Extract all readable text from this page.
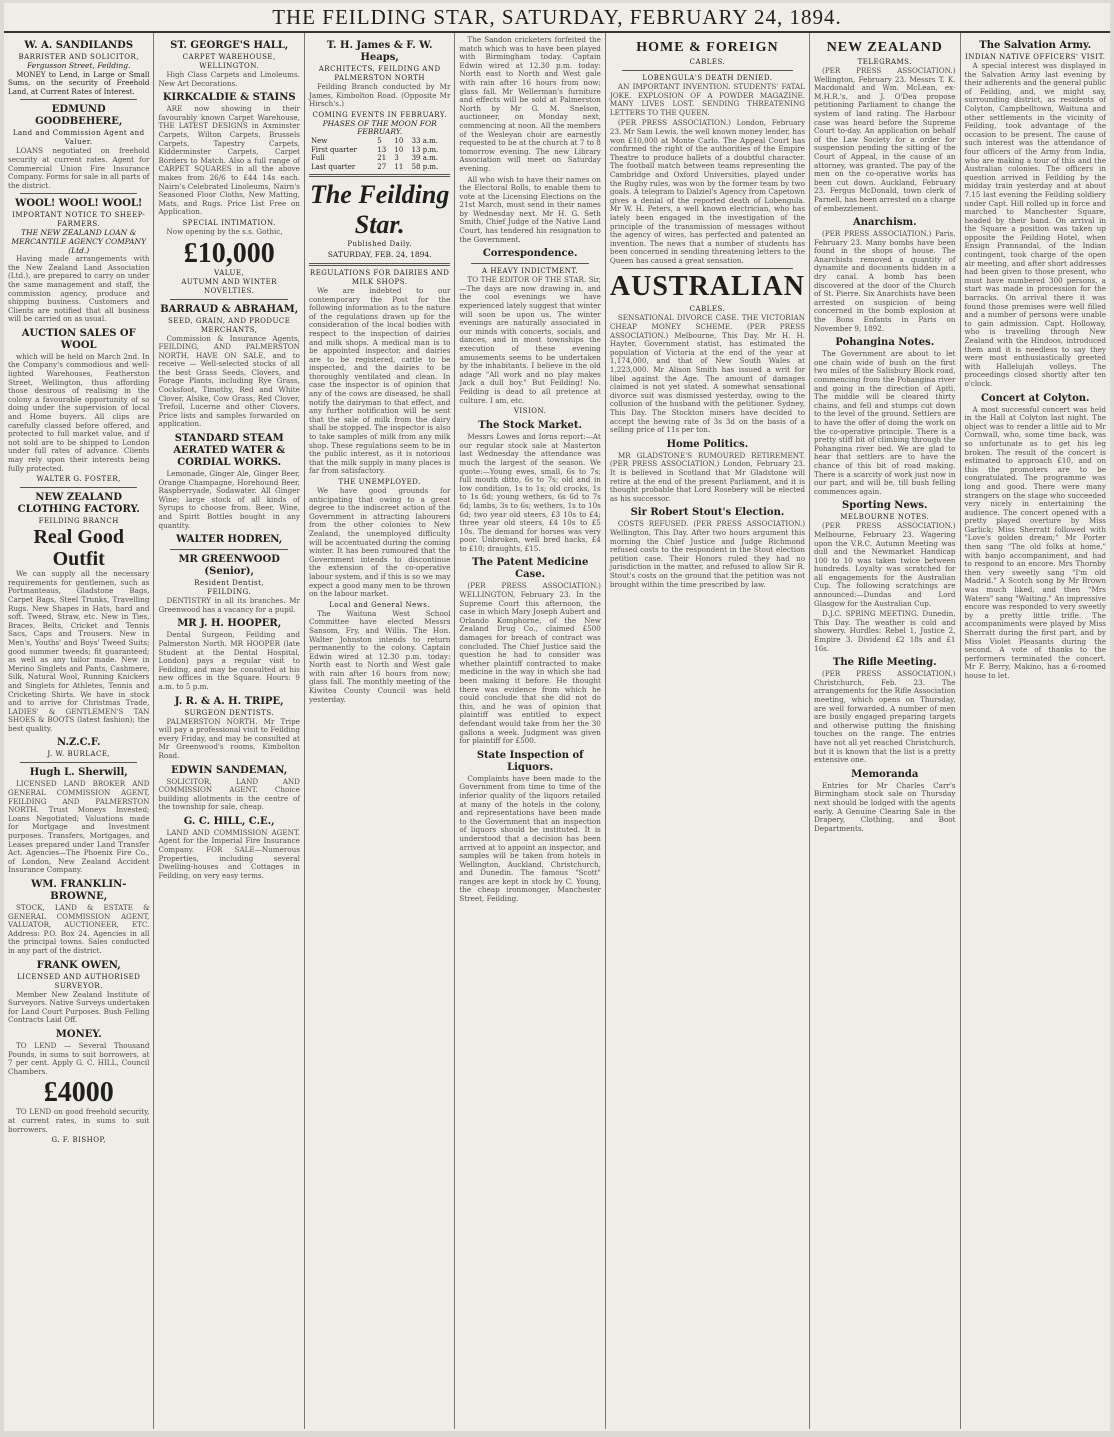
THE FEILDING STAR, SATURDAY, FEBRUARY 24, 1894.
W. A. SANDILANDS
BARRISTER AND SOLICITOR,
Fergusson Street, Feilding.

MONEY to Lend, in Large or Small Sums, on the security of Freehold Land, at Current Rates of Interest.

EDMUND GOODBEHERE,
Land and Commission Agent and Valuer.

LOANS negotiated on freehold security at current rates. Agent for Commercial Union Fire Insurance Company. Forms for sale in all parts of the district.

WOOL! WOOL! WOOL!
IMPORTANT NOTICE TO SHEEP-FARMERS.
THE NEW ZEALAND LOAN & MERCANTILE AGENCY COMPANY (Ltd.)

Having made arrangements with the New Zealand Land Association (Ltd.), are prepared to carry on under the same management and staff, the commission agency, produce and shipping business. Customers and Clients are notified that all business will be carried on as usual.

AUCTION SALES OF WOOL

which will be held on March 2nd. In the Company's commodious and well-lighted Warehouses, Featherston Street, Wellington, thus affording those desirous of realising in the colony a favourable opportunity of so doing under the supervision of local and Home buyers. All clips are carefully classed before offered, and protected to full market value, and if not sold are to be shipped to London under full rates of advance. Clients may rely upon their interests being fully protected.

WALTER G. FOSTER,
NEW ZEALAND CLOTHING FACTORY.
FEILDING BRANCH
Real Good Outfit

We can supply all the necessary requirements for gentlemen, such as Portmanteaus, Gladstone Bags, Carpet Bags, Steel Trunks, Travelling Rugs. New Shapes in Hats, hard and soft. Tweed, Straw, etc. New in Ties, Braces, Belts, Cricket and Tennis Sacs, Caps and Trousers. New in Men's, Youths' and Boys' Tweed Suits; good summer tweeds; fit guaranteed; as well as any tailor made. New in Merino Singlets and Pants, Cashmere, Silk, Natural Wool, Running Knickers and Singlets for Athletes, Tennis and Cricketing Shirts. We have in stock and to arrive for Christmas Trade, LADIES' & GENTLEMEN'S TAN SHOES & BOOTS (latest fashion); the best quality.

N.Z.C.F.
J. W. BURLACE,
Hugh L. Sherwill,

LICENSED LAND BROKER AND GENERAL COMMISSION AGENT, FEILDING AND PALMERSTON NORTH. Trust Moneys Invested; Loans Negotiated; Valuations made for Mortgage and Investment purposes. Transfers, Mortgages, and Leases prepared under Land Transfer Act. Agencies—The Phoenix Fire Co., of London, New Zealand Accident Insurance Company.

WM. FRANKLIN-BROWNE,

STOCK, LAND & ESTATE & GENERAL COMMISSION AGENT, VALUATOR, AUCTIONEER, ETC. Address: P.O. Box 24. Agencies in all the principal towns. Sales conducted in any part of the district.

FRANK OWEN,
LICENSED AND AUTHORISED SURVEYOR.

Member New Zealand Institute of Surveyors. Native Surveys undertaken for Land Court Purposes. Bush Felling Contracts Laid Off.

MONEY.

TO LEND — Several Thousand Pounds, in sums to suit borrowers, at 7 per cent. Apply G. C. HILL, Council Chambers.

£4000

TO LEND on good freehold security, at current rates, in sums to suit borrowers.

G. F. BISHOP,
ST. GEORGE'S HALL,
CARPET WAREHOUSE, WELLINGTON.

High Class Carpets and Linoleums. New Art Decorations.

KIRKCALDIE & STAINS

ARE now showing in their favourably known Carpet Warehouse, THE LATEST DESIGNS in Axminster Carpets, Wilton Carpets, Brussels Carpets, Tapestry Carpets, Kidderminster Carpets, Carpet Borders to Match. Also a full range of CARPET SQUARES in all the above makes from 26/6 to £44 14s each. Nairn's Celebrated Linoleums, Nairn's Seasoned Floor Cloths, New Matting, Mats, and Rugs. Price List Free on Application.

SPECIAL INTIMATION.

Now opening by the s.s. Gothic,

£10,000
VALUE,
AUTUMN AND WINTER NOVELTIES.
BARRAUD & ABRAHAM,
SEED, GRAIN, AND PRODUCE MERCHANTS,

Commission & Insurance Agents, FEILDING, AND PALMERSTON NORTH, HAVE ON SALE, and to receive — Well-selected stocks of all the best Grass Seeds, Clovers, and Forage Plants, including Rye Grass, Cocksfoot, Timothy, Red and White Clover, Alsike, Cow Grass, Red Clover, Trefoil, Lucerne and other Clovers. Price lists and samples forwarded on application.

STANDARD STEAM AERATED WATER & CORDIAL WORKS.

Lemonade, Ginger Ale, Ginger Beer, Orange Champagne, Horehound Beer, Raspberryade, Sodawater. All Ginger Wine; large stock of all kinds of Syrups to choose from. Beer, Wine, and Spirit Bottles bought in any quantity.

WALTER HODREN,
MR GREENWOOD (Senior),
Resident Dentist,
FEILDING.

DENTISTRY in all its branches. Mr Greenwood has a vacancy for a pupil.

MR J. H. HOOPER,

Dental Surgeon, Feilding and Palmerston North. MR HOOPER (late Student at the Dental Hospital, London) pays a regular visit to Feilding, and may be consulted at his new offices in the Square. Hours: 9 a.m. to 5 p.m.

J. R. & A. H. TRIPE,
SURGEON DENTISTS.

PALMERSTON NORTH. Mr Tripe will pay a professional visit to Feilding every Friday, and may be consulted at Mr Greenwood's rooms, Kimbolton Road.

EDWIN SANDEMAN,

SOLICITOR, LAND AND COMMISSION AGENT. Choice building allotments in the centre of the township for sale, cheap.

G. C. HILL, C.E.,

LAND AND COMMISSION AGENT. Agent for the Imperial Fire Insurance Company. FOR SALE—Numerous Properties, including several Dwelling-houses and Cottages in Feilding, on very easy terms.

T. H. James & F. W. Heaps,
ARCHITECTS, FEILDING AND PALMERSTON NORTH

Feilding Branch conducted by Mr James, Kimbolton Road. (Opposite Mr Hirsch's.)

COMING EVENTS IN FEBRUARY.
PHASES OF THE MOON FOR FEBRUARY.
New	5	10	33 a.m.
First quarter	13	10	13 p.m.
Full	21	3	39 a.m.
Last quarter	27	11	58 p.m.
The Feilding Star.
Published Daily.
SATURDAY, FEB. 24, 1894.
REGULATIONS FOR DAIRIES AND MILK SHOPS.

We are indebted to our contemporary the Post for the following information as to the nature of the regulations drawn up for the consideration of the local bodies with respect to the inspection of dairies and milk shops. A medical man is to be appointed inspector, and dairies are to be registered, cattle to be inspected, and the dairies to be thoroughly ventilated and clean. In case the inspector is of opinion that any of the cows are diseased, he shall notify the dairyman to that effect, and any further notification will be sent that the sale of milk from the dairy shall be stopped. The inspector is also to take samples of milk from any milk shop. These regulations seem to be in the public interest, as it is notorious that the milk supply in many places is far from satisfactory.

THE UNEMPLOYED.

We have good grounds for anticipating that owing to a great degree to the indiscreet action of the Government in attracting labourers from the other colonies to New Zealand, the unemployed difficulty will be accentuated during the coming winter. It has been rumoured that the Government intends to discontinue the extension of the co-operative labour system, and if this is so we may expect a good many men to be thrown on the labour market.

Local and General News.

The Waituna West School Committee have elected Messrs Sansom, Fry, and Willis. The Hon. Walter Johnston intends to return permanently to the colony. Captain Edwin wired at 12.30 p.m. today: North east to North and West gale with rain after 16 hours from now; glass fall. The monthly meeting of the Kiwitea County Council was held yesterday.

The Sandon cricketers forfeited the match which was to have been played with Birmingham today. Captain Edwin wired at 12.30 p.m. today: North east to North and West gale with rain after 16 hours from now; glass fall. Mr Wellerman's furniture and effects will be sold at Palmerston North by Mr G. M. Snelson, auctioneer, on Monday next, commencing at noon. All the members of the Wesleyan choir are earnestly requested to be at the church at 7 to 8 tomorrow evening. The new Library Association will meet on Saturday evening.

All who wish to have their names on the Electoral Rolls, to enable them to vote at the Licensing Elections on the 21st March, must send in their names by Wednesday next. Mr H. G. Seth Smith, Chief Judge of the Native Land Court, has tendered his resignation to the Government.

Correspondence.
A HEAVY INDICTMENT.

TO THE EDITOR OF THE STAR. Sir,—The days are now drawing in, and the cool evenings we have experienced lately suggest that winter will soon be upon us. The winter evenings are naturally associated in our minds with concerts, socials, and dances, and in most townships the execution of these evening amusements seems to be undertaken by the inhabitants. I believe in the old adage "All work and no play makes Jack a dull boy." But Feilding! No. Feilding is dead to all pretence at culture. I am, etc.

VISION.
The Stock Market.

Messrs Lowes and Iorns report:—At our regular stock sale at Masterton last Wednesday the attendance was much the largest of the season. We quote:—Young ewes, small, 6s to 7s; full mouth ditto, 6s to 7s; old and in low condition, 1s to 1s; old crocks, 1s to 1s 6d; young wethers, 6s 6d to 7s 6d; lambs, 3s to 6s; wethers, 1s to 10s 6d; two year old steers, £3 10s to £4; three year old steers, £4 10s to £5 10s. The demand for horses was very poor. Unbroken, well bred hacks, £4 to £10; draughts, £15.

The Patent Medicine Case.

(PER PRESS ASSOCIATION.) WELLINGTON, February 23. In the Supreme Court this afternoon, the case in which Mary Joseph Aubert and Orlando Komphorne, of the New Zealand Drug Co., claimed £500 damages for breach of contract was concluded. The Chief Justice said the question he had to consider was whether plaintiff contracted to make medicine in the way in which she had been making it before. He thought there was evidence from which he could conclude that she did not do this, and he was of opinion that plaintiff was entitled to expect defendant would take from her the 30 gallons a week. Judgment was given for plaintiff for £500.

State Inspection of Liquors.

Complaints have been made to the Government from time to time of the inferior quality of the liquors retailed at many of the hotels in the colony, and representations have been made to the Government that an inspection of liquors should be instituted. It is understood that a decision has been arrived at to appoint an inspector, and samples will be taken from hotels in Wellington, Auckland, Christchurch, and Dunedin. The famous "Scott" ranges are kept in stock by C. Young, the cheap ironmonger, Manchester Street, Feilding.

HOME & FOREIGN
CABLES.
LOBENGULA'S DEATH DENIED.

AN IMPORTANT INVENTION. STUDENTS' FATAL JOKE. EXPLOSION OF A POWDER MAGAZINE. MANY LIVES LOST. SENDING THREATENING LETTERS TO THE QUEEN.

(PER PRESS ASSOCIATION.) London, February 23. Mr Sam Lewis, the well known money lender, has won £10,000 at Monte Carlo. The Appeal Court has confirmed the right of the authorities of the Empire Theatre to produce ballets of a doubtful character. The football match between teams representing the Cambridge and Oxford Universities, played under the Rugby rules, was won by the former team by two goals. A telegram to Dalziel's Agency from Capetown gives a denial of the reported death of Lobengula. Mr W. H. Peters, a well known electrician, who has lately been engaged in the investigation of the principle of the transmission of messages without the agency of wires, has perfected and patented an invention. The news that a number of students has been concerned in sending threatening letters to the Queen has caused a great sensation.

AUSTRALIAN
CABLES.

SENSATIONAL DIVORCE CASE. THE VICTORIAN CHEAP MONEY SCHEME. (PER PRESS ASSOCIATION.) Melbourne, This Day. Mr H. H. Hayter, Government statist, has estimated the population of Victoria at the end of the year at 1,174,000, and that of New South Wales at 1,223,000. Mr Alison Smith has issued a writ for libel against the Age. The amount of damages claimed is not yet stated. A somewhat sensational divorce suit was dismissed yesterday, owing to the collusion of the husband with the petitioner. Sydney, This Day. The Stockton miners have decided to accept the hewing rate of 3s 3d on the basis of a selling price of 11s per ton.

Home Politics.

MR GLADSTONE'S RUMOURED RETIREMENT. (PER PRESS ASSOCIATION.) London, February 23. It is believed in Scotland that Mr Gladstone will retire at the end of the present Parliament, and it is thought probable that Lord Rosebery will be elected as his successor.

Sir Robert Stout's Election.

COSTS REFUSED. (PER PRESS ASSOCIATION.) Wellington, This Day. After two hours argument this morning the Chief Justice and Judge Richmond refused costs to the respondent in the Stout election petition case. Their Honors ruled they had no jurisdiction in the matter, and refused to allow Sir R. Stout's costs on the ground that the petition was not brought within the time prescribed by law.

NEW ZEALAND
TELEGRAMS.

(PER PRESS ASSOCIATION.) Wellington, February 23. Messrs T. K. Macdonald and Wm. McLean, ex-M.H.R.'s, and J. O'Dea propose petitioning Parliament to change the system of land rating. The Harbour case was heard before the Supreme Court to-day. An application on behalf of the Law Society for a order for suspension pending the sitting of the Court of Appeal, in the cause of an attorney, was granted. The pay of the men on the co-operative works has been cut down. Auckland, February 23. Fergus McDonald, town clerk of Parnell, has been arrested on a charge of embezzlement.

Anarchism.

(PER PRESS ASSOCIATION.) Paris, February 23. Many bombs have been found in the shops of house. The Anarchists removed a quantity of dynamite and documents hidden in a dry canal. A bomb has been discovered at the door of the Church of St. Pierre. Six Anarchists have been arrested on suspicion of being concerned in the bomb explosion at the Bons Enfants in Paris on November 9, 1892.

Pohangina Notes.

The Government are about to let one chain wide of bush on the first two miles of the Salisbury Block road, commencing from the Pohangina river and going in the direction of Apiti. The middle will be cleared thirty chains, and fell and stumps cut down to the level of the ground. Settlers are to have the offer of doing the work on the co-operative principle. There is a pretty stiff bit of climbing through the Pohangina river bed. We are glad to hear that settlers are to have the chance of this bit of road making. There is a scarcity of work just now in our part, and will be, till bush felling commences again.

Sporting News.
MELBOURNE NOTES.

(PER PRESS ASSOCIATION.) Melbourne, February 23. Wagering upon the V.R.C. Autumn Meeting was dull and the Newmarket Handicap 100 to 10 was taken twice between hundreds. Loyalty was scratched for all engagements for the Australian Cup. The following scratchings are announced:—Dundas and Lord Glasgow for the Australian Cup.

D.J.C. SPRING MEETING. Dunedin, This Day. The weather is cold and showery. Hurdles: Rebel 1, Justice 2, Empire 3. Dividend £2 18s and £1 16s.

The Rifle Meeting.

(PER PRESS ASSOCIATION.) Christchurch, Feb. 23. The arrangements for the Rifle Association meeting, which opens on Thursday, are well forwarded. A number of men are busily engaged preparing targets and otherwise putting the finishing touches on the range. The entries have not all yet reached Christchurch, but it is known that the list is a pretty extensive one.

Memoranda

Entries for Mr Charles Carr's Birmingham stock sale on Thursday next should be lodged with the agents early. A Genuine Clearing Sale in the Drapery, Clothing, and Boot Departments.

The Salvation Army.
INDIAN NATIVE OFFICERS' VISIT.

A special interest was displayed in the Salvation Army last evening by their adherents and the general public of Feilding, and, we might say, surrounding district, as residents of Colyton, Campbelltown, Waituna and other settlements in the vicinity of Feilding, took advantage of the occasion to be present. The cause of such interest was the attendance of four officers of the Army from India, who are making a tour of this and the Australian colonies. The officers in question arrived in Feilding by the midday train yesterday and at about 7.15 last evening the Feilding soldiery under Capt. Hill rolled up in force and marched to Manchester Square, headed by their band. On arrival in the Square a position was taken up opposite the Feilding Hotel, when Ensign Prannandal, of the Indian contingent, took charge of the open air meeting, and after short addresses had been given to those present, who must have numbered 300 persons, a start was made in procession for the barracks. On arrival there it was found those premises were well filled and a number of persons were unable to gain admission. Capt. Holloway, who is travelling through New Zealand with the Hindoos, introduced them and it is needless to say they were most enthusiastically greeted with Hallelujah volleys. The proceedings closed shortly after ten o'clock.

Concert at Colyton.

A most successful concert was held in the Hall at Colyton last night. The object was to render a little aid to Mr Cornwall, who, some time back, was so unfortunate as to get his leg broken. The result of the concert is estimated to approach £10, and on this the promoters are to be congratulated. The programme was long and good. There were many strangers on the stage who succeeded very nicely in entertaining the audience. The concert opened with a pretty played overture by Miss Garlick; Miss Sherratt followed with "Love's golden dream;" Mr Porter then sang "The old folks at home," with banjo accompaniment, and had to respond to an encore. Mrs Thornby then very sweetly sang "I'm old Madrid." A Scotch song by Mr Brown was much liked, and then "Mrs Waters" sang "Waiting." An impressive encore was responded to very sweetly by a pretty little trifle. The accompaniments were played by Miss Sherratt during the first part, and by Miss Violet Pleasants during the second. A vote of thanks to the performers terminated the concert. Mr F. Berry, Makino, has a 6-roomed house to let.
